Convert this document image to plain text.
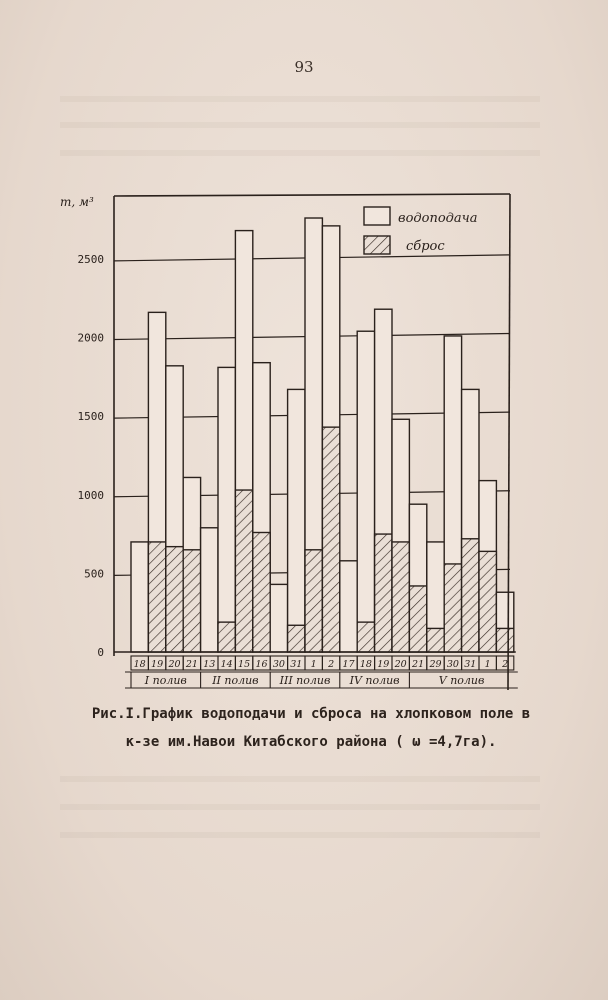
93
0
500
1000
1500
2000
2500
m, м³
водоподача
сброс
18 19 20 21 13 14 15 16 30 31 1 2 17 18 19 20 21 29 30 31 1 2
I полив II полив III полив IV полив	V полив
Рис.I.График водоподачи и сброса на хлопковом поле в
к-зе им.Навои Китабского района ( ω =4,7га).
